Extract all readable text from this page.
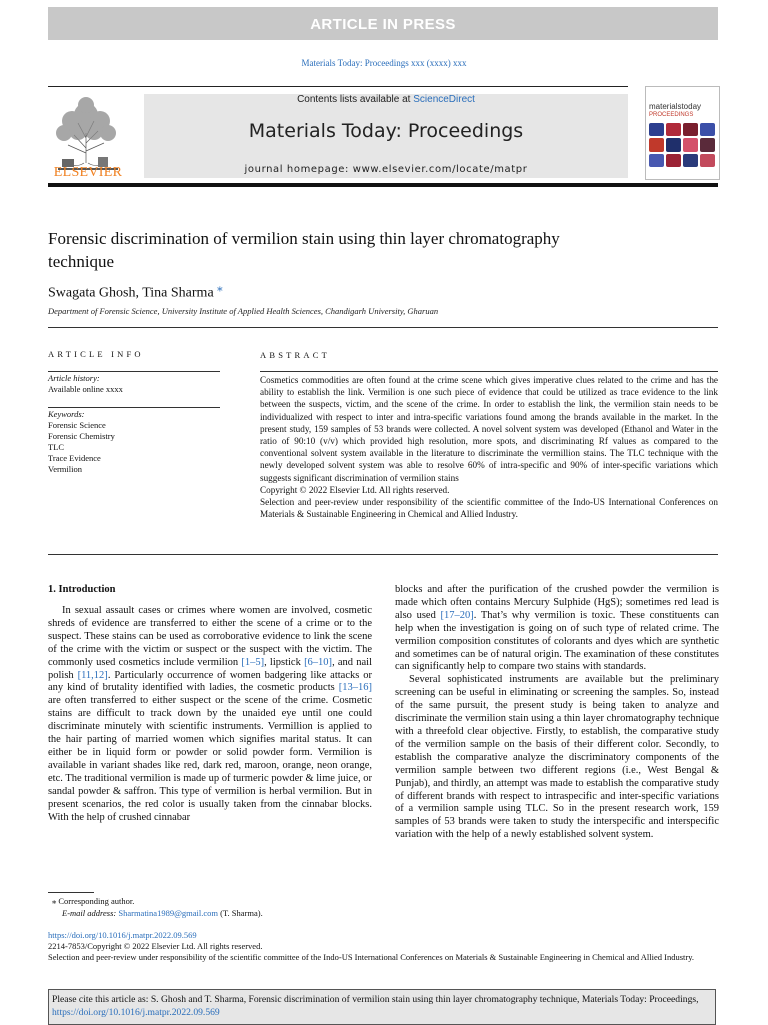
ARTICLE IN PRESS
Materials Today: Proceedings xxx (xxxx) xxx
ELSEVIER
Contents lists available at ScienceDirect
Materials Today: Proceedings
journal homepage: www.elsevier.com/locate/matpr
materialstoday
PROCEEDINGS
Forensic discrimination of vermilion stain using thin layer chromatography technique
Swagata Ghosh, Tina Sharma ⁎
Department of Forensic Science, University Institute of Applied Health Sciences, Chandigarh University, Gharuan
ARTICLE INFO
Article history:
Available online xxxx
Keywords:
Forensic Science
Forensic Chemistry
TLC
Trace Evidence
Vermilion
ABSTRACT

Cosmetics commodities are often found at the crime scene which gives imperative clues related to the crime and has the ability to establish the link. Vermilion is one such piece of evidence that could be utilized as trace evidence to the link between the suspects, victim, and the scene of the crime. In order to establish the link, the vermilion stain needs to be individualized with respect to inter and intra-specific variations found among the brands available in the market. In the present study, 159 samples of 53 brands were collected. A novel solvent system was developed (Ethanol and Water in the ratio of 90:10 (v/v) which provided high resolution, more spots, and discriminating Rf values as compared to the conventional solvent system available in the literature to discriminate the vermillion stains. The TLC technique with the newly developed solvent system was able to resolve 60% of intra-specific and 90% of inter-specific variations which suggests significant discrimination of vermilion stains

Copyright © 2022 Elsevier Ltd. All rights reserved.

Selection and peer-review under responsibility of the scientific committee of the Indo-US International Conferences on Materials & Sustainable Engineering in Chemical and Allied Industry.

1. Introduction

In sexual assault cases or crimes where women are involved, cosmetic shreds of evidence are transferred to either the scene of a crime or to the suspect. These stains can be used as corroborative evidence to link the scene of the crime with the victim or suspect or the suspect with the victim. The commonly used cosmetics include vermilion [1–5], lipstick [6–10], and nail polish [11,12]. Particularly occurrence of women badgering like attacks or any kind of brutality identified with ladies, the cosmetic products [13–16] are often transferred to either suspect or the scene of the crime. Cosmetic stains are difficult to track down by the unaided eye until one could discriminate minutely with scientific instruments. Vermillion is applied to the hair parting of married women which signifies marital status. It can either be in liquid form or powder or solid powder form. Vermilion is available in variant shades like red, dark red, maroon, orange, neon orange, etc. The traditional vermilion is made up of turmeric powder & lime juice, or sandal powder & saffron. This type of vermilion is herbal vermilion. But in present scenarios, the red color is usually taken from the cinnabar blocks. With the help of crushed cinnabar

blocks and after the purification of the crushed powder the vermilion is made which often contains Mercury Sulphide (HgS); sometimes red lead is also used [17–20]. That’s why vermilion is toxic. These constituents can help when the investigation is going on of such type of related crime. The vermilion composition constitutes of colorants and dyes which are synthetic and sometimes can be of natural origin. The examination of these constitutes can significantly help to compare two stains with standards.

Several sophisticated instruments are available but the preliminary screening can be useful in eliminating or screening the samples. So, instead of the same pursuit, the present study is being taken to analyze and discriminate the vermilion stain using a thin layer chromatography technique with a threefold clear objective. Firstly, to establish, the comparative study of the vermilion sample on the basis of their different color. Secondly, to establish the comparative analyze the discriminatory components of the vermilion sample between two different regions (i.e., West Bengal & Punjab), and thirdly, an attempt was made to establish the comparative study of different brands with respect to intraspecific and inter-specific variations of a vermilion sample using TLC. So in the present research work, 159 samples of 53 brands were taken to study the interspecific and interspecific variation with the help of a newly established solvent system.

⁎ Corresponding author.
E-mail address: Sharmatina1989@gmail.com (T. Sharma).
https://doi.org/10.1016/j.matpr.2022.09.569
2214-7853/Copyright © 2022 Elsevier Ltd. All rights reserved.
Selection and peer-review under responsibility of the scientific committee of the Indo-US International Conferences on Materials & Sustainable Engineering in Chemical and Allied Industry.
Please cite this article as: S. Ghosh and T. Sharma, Forensic discrimination of vermilion stain using thin layer chromatography technique, Materials Today: Proceedings, https://doi.org/10.1016/j.matpr.2022.09.569
